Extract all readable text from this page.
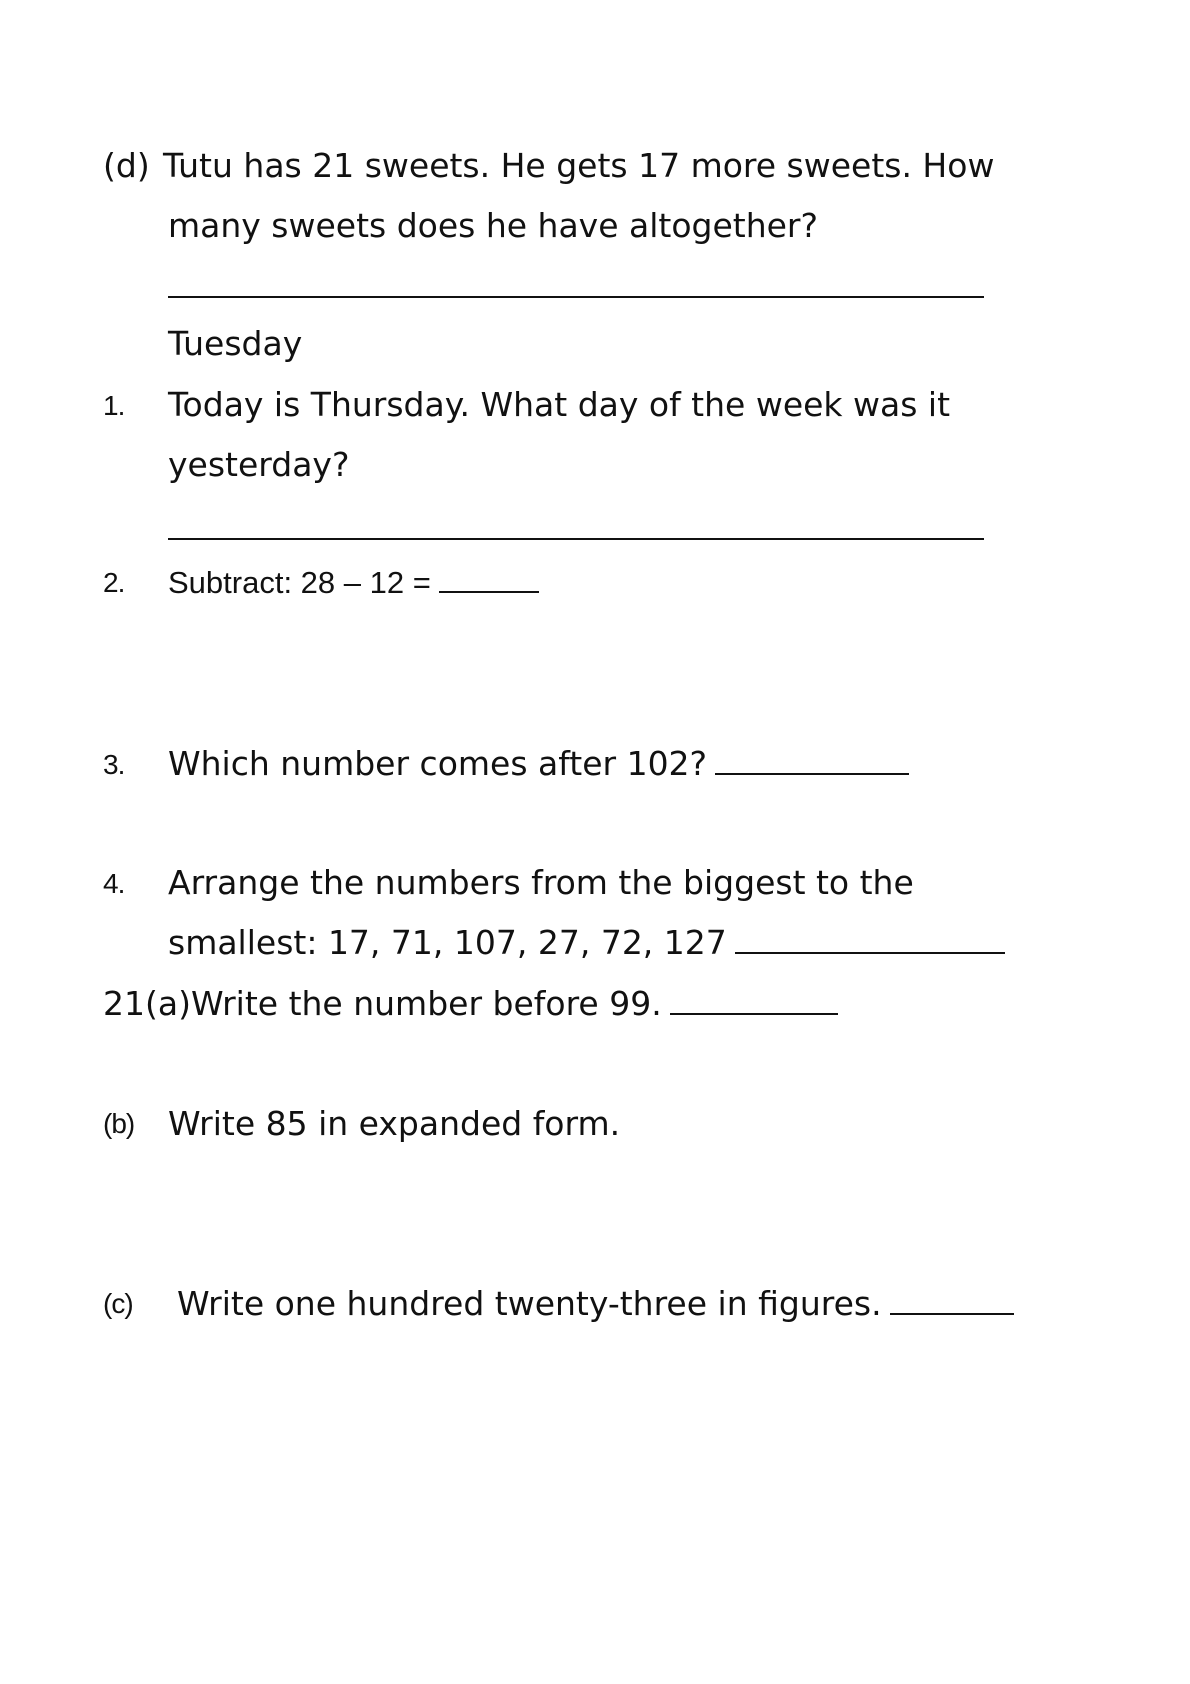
(d) Tutu has 21 sweets. He gets 17 more sweets. How
many sweets does he have altogether?
Tuesday
1. Today is Thursday. What day of the week was it
yesterday?
2. Subtract: 28 – 12 =
3. Which number comes after 102?
4. Arrange the numbers from the biggest to the
smallest: 17, 71, 107, 27, 72, 127
21(a)Write the number before 99.
(b) Write 85 in expanded form.
(c) Write one hundred twenty-three in figures.
